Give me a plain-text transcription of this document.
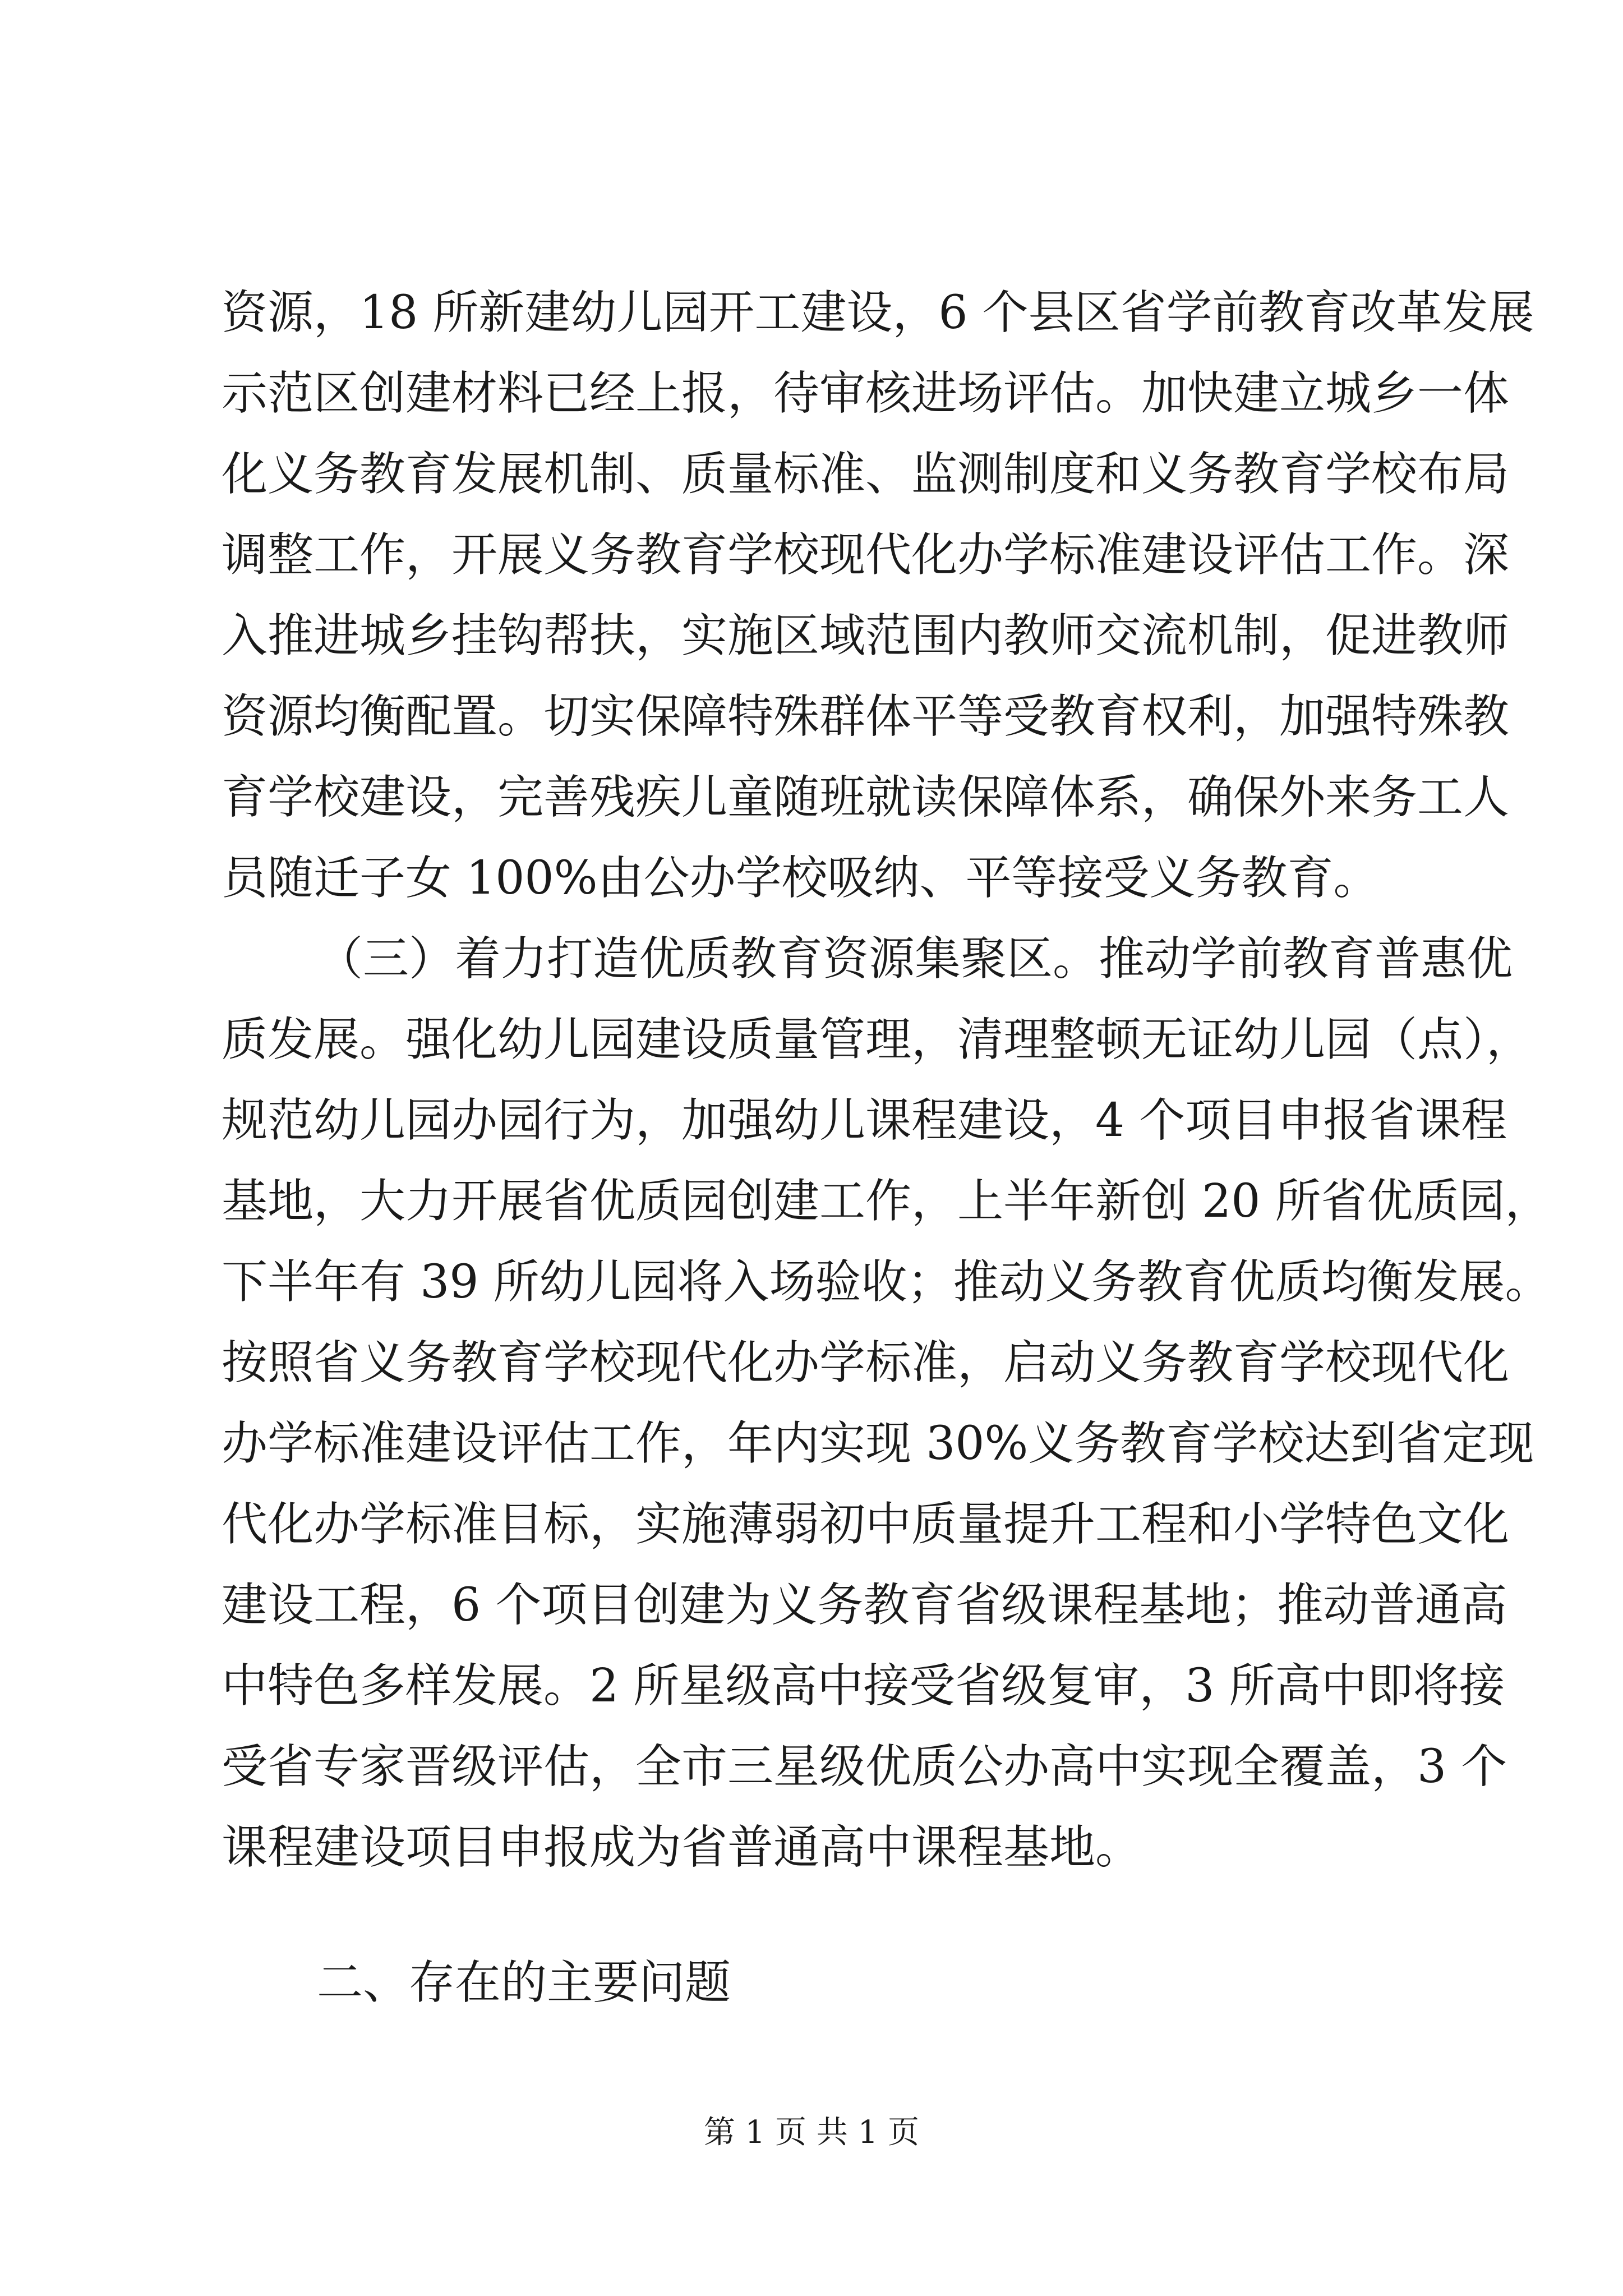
资源，18 所新建幼儿园开工建设，6 个县区省学前教育改革发展
示范区创建材料已经上报，待审核进场评估。加快建立城乡一体
化义务教育发展机制、质量标准、监测制度和义务教育学校布局
调整工作，开展义务教育学校现代化办学标准建设评估工作。深
入推进城乡挂钩帮扶，实施区域范围内教师交流机制，促进教师
资源均衡配置。切实保障特殊群体平等受教育权利，加强特殊教
育学校建设，完善残疾儿童随班就读保障体系，确保外来务工人
员随迁子女 100%由公办学校吸纳、平等接受义务教育。
（三）着力打造优质教育资源集聚区。推动学前教育普惠优
质发展。强化幼儿园建设质量管理，清理整顿无证幼儿园（点），
规范幼儿园办园行为，加强幼儿课程建设，4 个项目申报省课程
基地，大力开展省优质园创建工作，上半年新创 20 所省优质园，
下半年有 39 所幼儿园将入场验收；推动义务教育优质均衡发展。
按照省义务教育学校现代化办学标准，启动义务教育学校现代化
办学标准建设评估工作，年内实现 30%义务教育学校达到省定现
代化办学标准目标，实施薄弱初中质量提升工程和小学特色文化
建设工程，6 个项目创建为义务教育省级课程基地；推动普通高
中特色多样发展。2 所星级高中接受省级复审，3 所高中即将接
受省专家晋级评估，全市三星级优质公办高中实现全覆盖，3 个
课程建设项目申报成为省普通高中课程基地。
二、存在的主要问题
第 1 页 共 1 页
